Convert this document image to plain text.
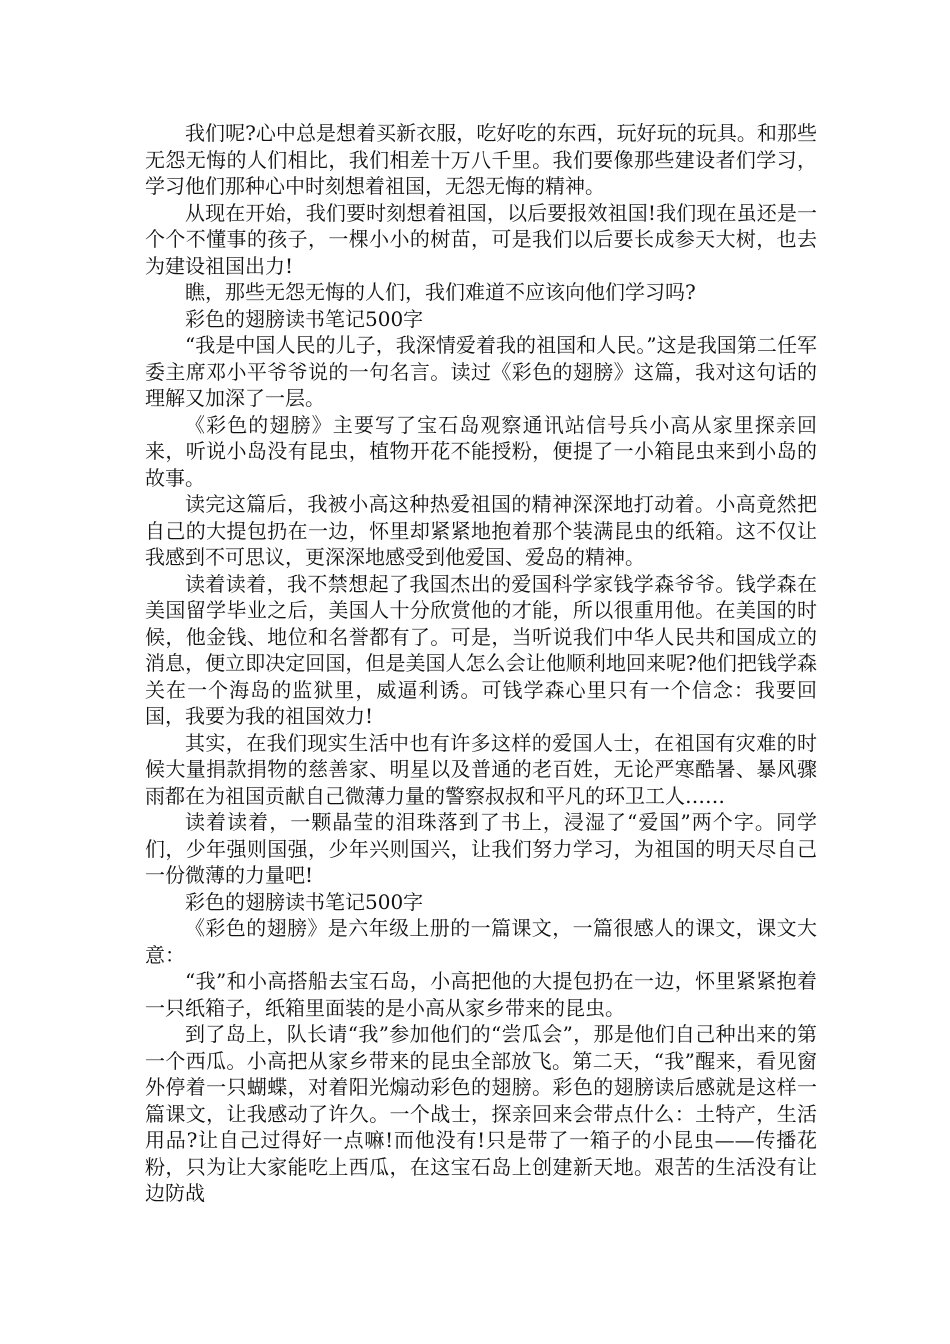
我们呢?心中总是想着买新衣服，吃好吃的东西，玩好玩的玩具。和那些无怨无悔的人们相比，我们相差十万八千里。我们要像那些建设者们学习，学习他们那种心中时刻想着祖国，无怨无悔的精神。

从现在开始，我们要时刻想着祖国，以后要报效祖国!我们现在虽还是一个个不懂事的孩子，一棵小小的树苗，可是我们以后要长成参天大树，也去为建设祖国出力!

瞧，那些无怨无悔的人们，我们难道不应该向他们学习吗?

彩色的翅膀读书笔记500字

“我是中国人民的儿子，我深情爱着我的祖国和人民。”这是我国第二任军委主席邓小平爷爷说的一句名言。读过《彩色的翅膀》这篇，我对这句话的理解又加深了一层。

《彩色的翅膀》主要写了宝石岛观察通讯站信号兵小高从家里探亲回来，听说小岛没有昆虫，植物开花不能授粉，便提了一小箱昆虫来到小岛的故事。

读完这篇后，我被小高这种热爱祖国的精神深深地打动着。小高竟然把自己的大提包扔在一边，怀里却紧紧地抱着那个装满昆虫的纸箱。这不仅让我感到不可思议，更深深地感受到他爱国、爱岛的精神。

读着读着，我不禁想起了我国杰出的爱国科学家钱学森爷爷。钱学森在美国留学毕业之后，美国人十分欣赏他的才能，所以很重用他。在美国的时候，他金钱、地位和名誉都有了。可是，当听说我们中华人民共和国成立的消息，便立即决定回国，但是美国人怎么会让他顺利地回来呢?他们把钱学森关在一个海岛的监狱里，威逼利诱。可钱学森心里只有一个信念：我要回国，我要为我的祖国效力!

其实，在我们现实生活中也有许多这样的爱国人士，在祖国有灾难的时候大量捐款捐物的慈善家、明星以及普通的老百姓，无论严寒酷暑、暴风骤雨都在为祖国贡献自己微薄力量的警察叔叔和平凡的环卫工人……

读着读着，一颗晶莹的泪珠落到了书上，浸湿了“爱国”两个字。同学们，少年强则国强，少年兴则国兴，让我们努力学习，为祖国的明天尽自己一份微薄的力量吧!

彩色的翅膀读书笔记500字

《彩色的翅膀》是六年级上册的一篇课文，一篇很感人的课文，课文大意：

“我”和小高搭船去宝石岛，小高把他的大提包扔在一边，怀里紧紧抱着一只纸箱子，纸箱里面装的是小高从家乡带来的昆虫。

到了岛上，队长请“我”参加他们的“尝瓜会”，那是他们自己种出来的第一个西瓜。小高把从家乡带来的昆虫全部放飞。第二天，“我”醒来，看见窗外停着一只蝴蝶，对着阳光煽动彩色的翅膀。彩色的翅膀读后感就是这样一篇课文，让我感动了许久。一个战士，探亲回来会带点什么：土特产，生活用品?让自己过得好一点嘛!而他没有!只是带了一箱子的小昆虫——传播花粉，只为让大家能吃上西瓜，在这宝石岛上创建新天地。艰苦的生活没有让边防战
